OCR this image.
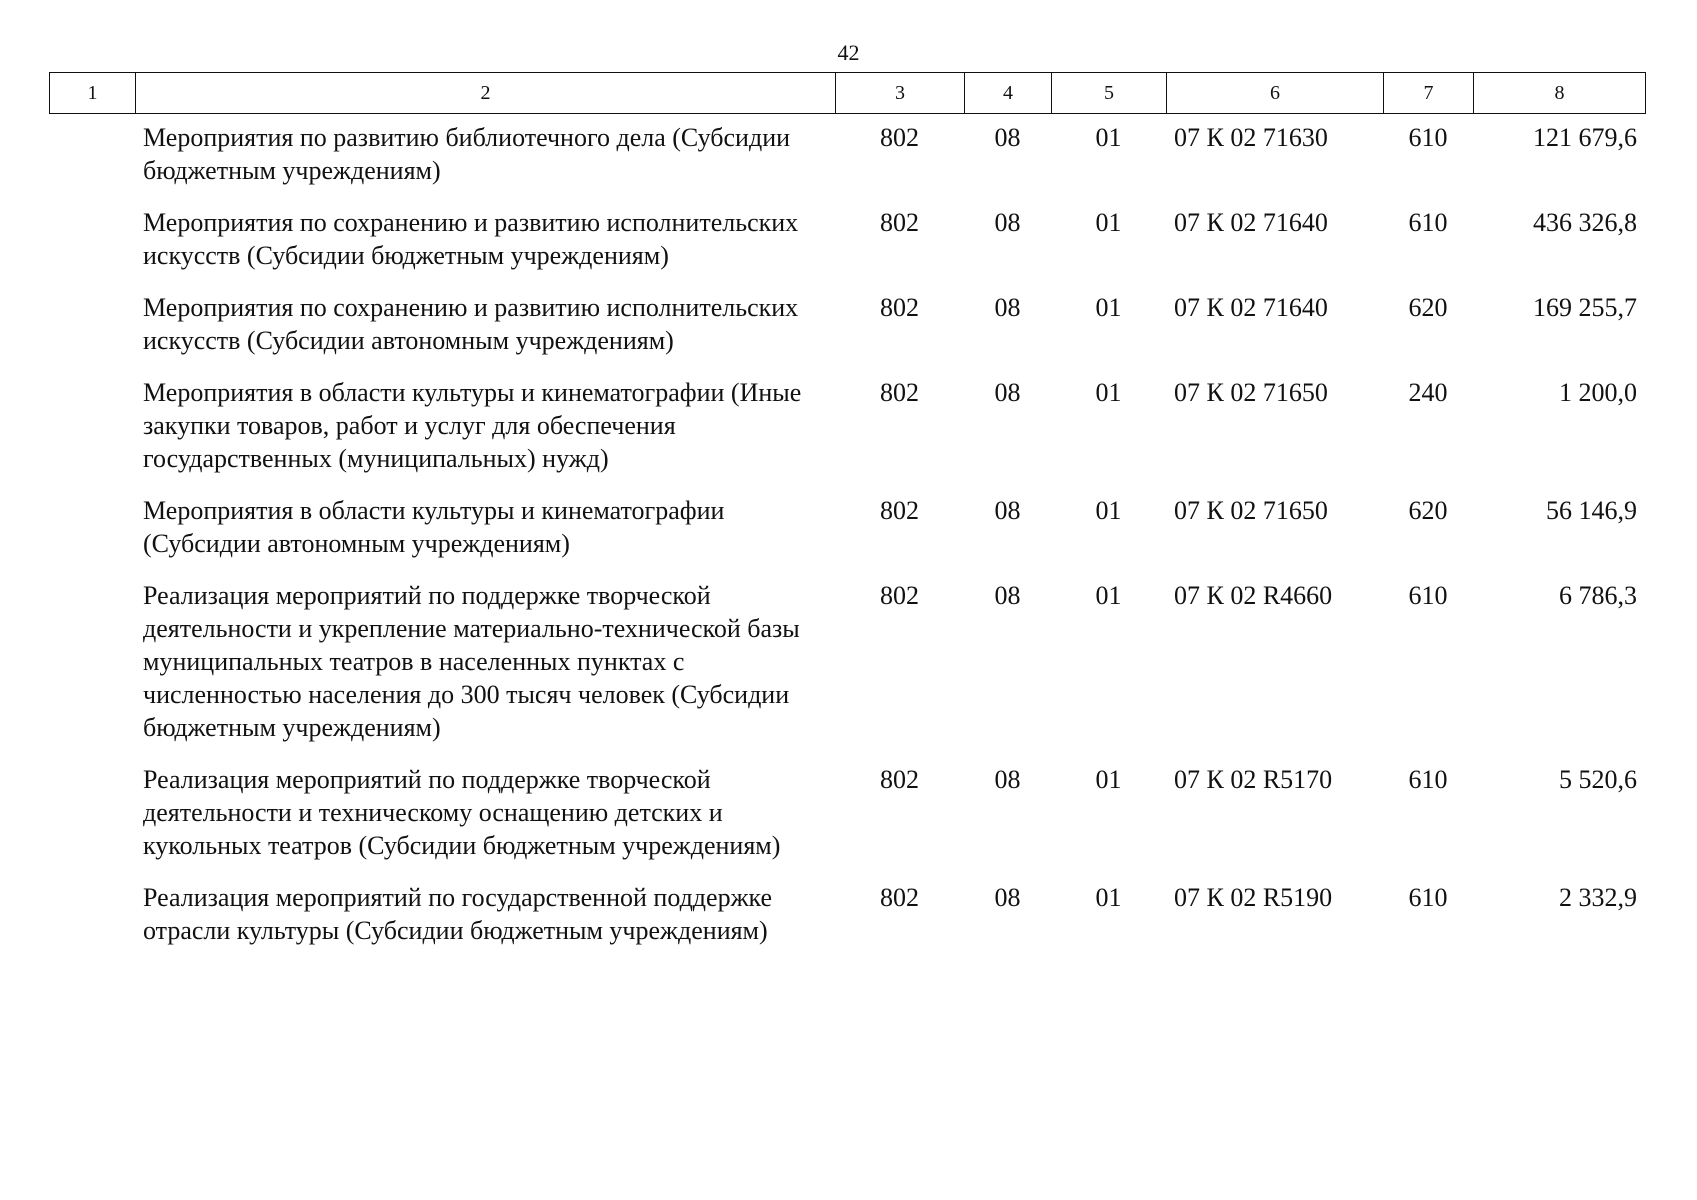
42
1	2	3	4	5	6	7	8
	Мероприятия по развитию библиотечного дела (Субсидии бюджетным учреждениям)	802	08	01	07 К 02 71630	610	121 679,6
	Мероприятия по сохранению и развитию исполнительских искусств (Субсидии бюджетным учреждениям)	802	08	01	07 К 02 71640	610	436 326,8
	Мероприятия по сохранению и развитию исполнительских искусств (Субсидии автономным учреждениям)	802	08	01	07 К 02 71640	620	169 255,7
	Мероприятия в области культуры и кинематографии (Иные закупки товаров, работ и услуг для обеспечения государственных (муниципальных) нужд)	802	08	01	07 К 02 71650	240	1 200,0
	Мероприятия в области культуры и кинематографии (Субсидии автономным учреждениям)	802	08	01	07 К 02 71650	620	56 146,9
	Реализация мероприятий по поддержке творческой деятельности и укрепление материально-технической базы муниципальных театров в населенных пунктах с численностью населения до 300 тысяч человек (Субсидии бюджетным учреждениям)	802	08	01	07 К 02 R4660	610	6 786,3
	Реализация мероприятий по поддержке творческой деятельности и техническому оснащению детских и кукольных театров (Субсидии бюджетным учреждениям)	802	08	01	07 К 02 R5170	610	5 520,6
	Реализация мероприятий по государственной поддержке отрасли культуры (Субсидии бюджетным учреждениям)	802	08	01	07 К 02 R5190	610	2 332,9
